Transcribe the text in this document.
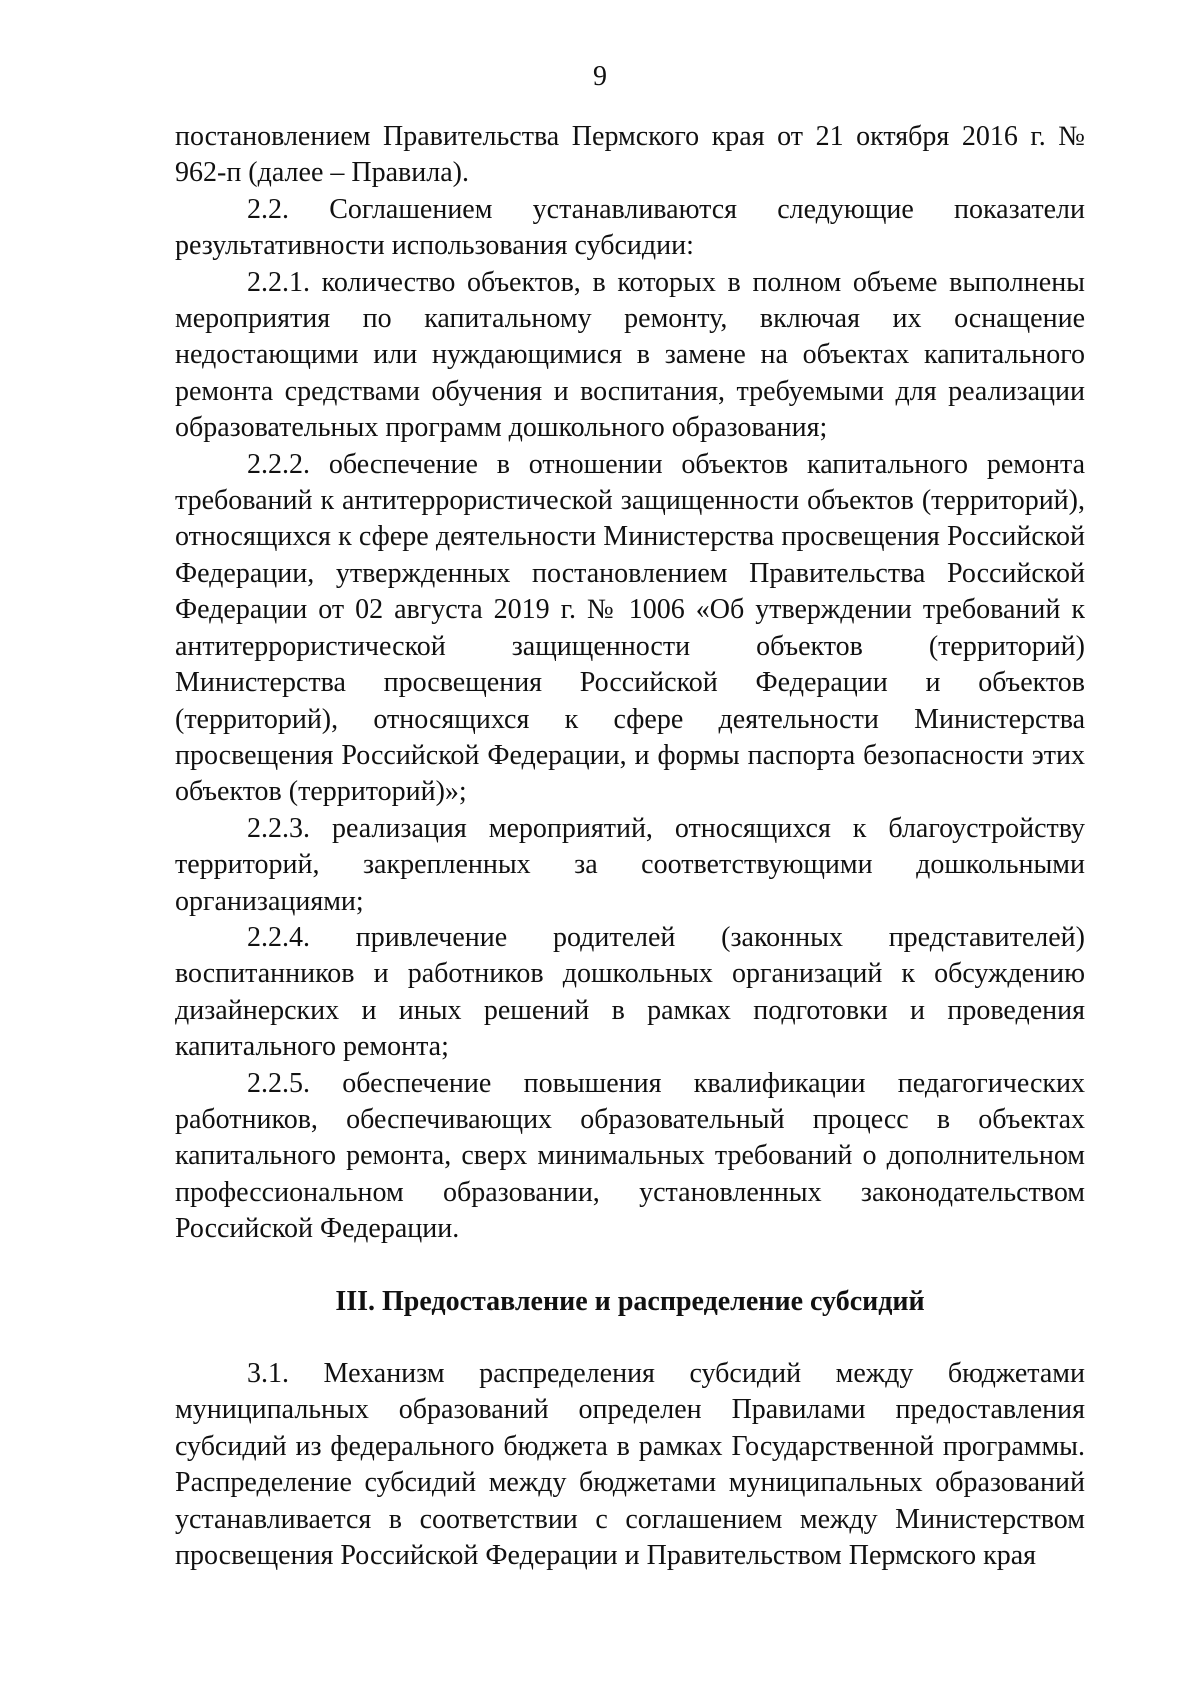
9

постановлением Правительства Пермского края от 21 октября 2016 г. № 962-п (далее – Правила).

2.2. Соглашением устанавливаются следующие показатели результативности использования субсидии:

2.2.1. количество объектов, в которых в полном объеме выполнены мероприятия по капитальному ремонту, включая их оснащение недостающими или нуждающимися в замене на объектах капитального ремонта средствами обучения и воспитания, требуемыми для реализации образовательных программ дошкольного образования;

2.2.2. обеспечение в отношении объектов капитального ремонта требований к антитеррористической защищенности объектов (территорий), относящихся к сфере деятельности Министерства просвещения Российской Федерации, утвержденных постановлением Правительства Российской Федерации от 02 августа 2019 г. № 1006 «Об утверждении требований к антитеррористической защищенности объектов (территорий) Министерства просвещения Российской Федерации и объектов (территорий), относящихся к сфере деятельности Министерства просвещения Российской Федерации, и формы паспорта безопасности этих объектов (территорий)»;

2.2.3. реализация мероприятий, относящихся к благоустройству территорий, закрепленных за соответствующими дошкольными организациями;

2.2.4. привлечение родителей (законных представителей) воспитанников и работников дошкольных организаций к обсуждению дизайнерских и иных решений в рамках подготовки и проведения капитального ремонта;

2.2.5. обеспечение повышения квалификации педагогических работников, обеспечивающих образовательный процесс в объектах капитального ремонта, сверх минимальных требований о дополнительном профессиональном образовании, установленных законодательством Российской Федерации.

III. Предоставление и распределение субсидий

3.1. Механизм распределения субсидий между бюджетами муниципальных образований определен Правилами предоставления субсидий из федерального бюджета в рамках Государственной программы. Распределение субсидий между бюджетами муниципальных образований устанавливается в соответствии с соглашением между Министерством просвещения Российской Федерации и Правительством Пермского края
